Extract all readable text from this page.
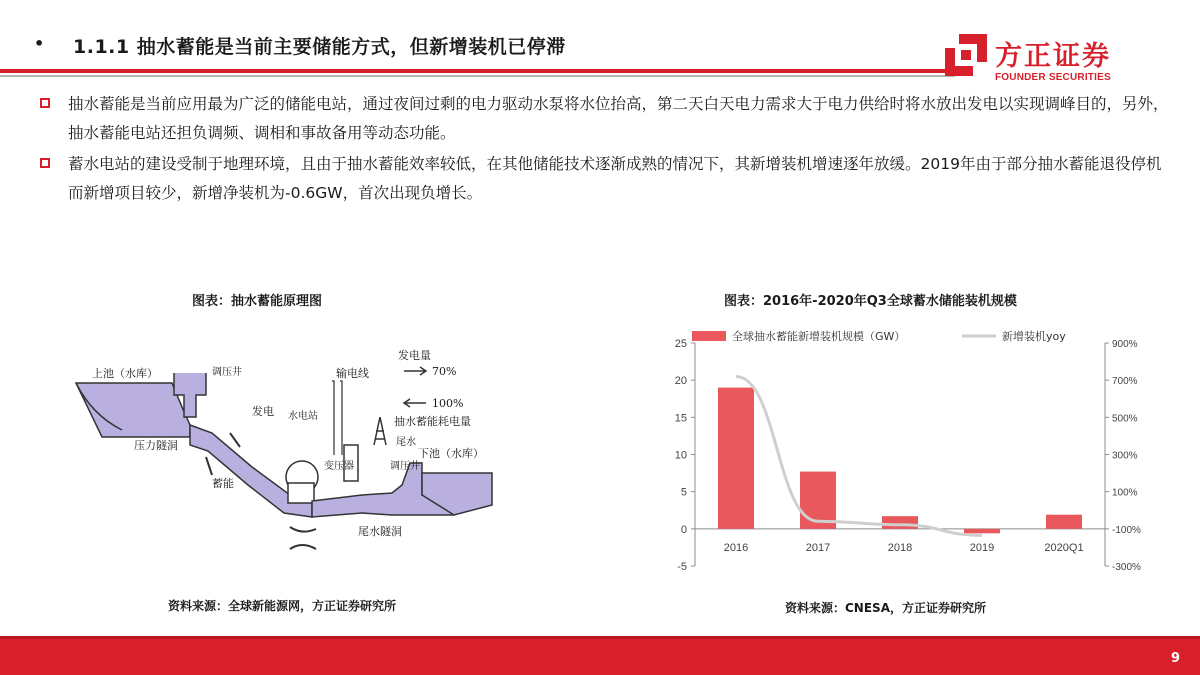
• 1.1.1 抽水蓄能是当前主要储能方式，但新增装机已停滞	方正证券
FOUNDER SECURITIES
抽水蓄能是当前应用最为广泛的储能电站，通过夜间过剩的电力驱动水泵将水位抬高，第二天白天电力需求大于电力供给时将水放出发电以实现调峰目的，另外，抽水蓄能电站还担负调频、调相和事故备用等动态功能。
蓄水电站的建设受制于地理环境，且由于抽水蓄能效率较低，在其他储能技术逐渐成熟的情况下，其新增装机增速逐年放缓。2019年由于部分抽水蓄能退役停机而新增项目较少，新增净装机为-0.6GW，首次出现负增长。
图表：抽水蓄能原理图
上池（水库）	调压井
发电
压力隧洞
蓄能
水电站
输电线
发电量
70%
100%
抽水蓄能耗电量
变压器
尾水
调压井
下池（水库）
尾水隧洞
资料来源：全球新能源网，方正证券研究所
图表：2016年-2020年Q3全球蓄水储能装机规模
-5
0
5
10
15
20
25	900%
700%
500%
300%
100%
-100%
-300%
2016	2017	2018	2019	2020Q1
全球抽水蓄能新增装机规模（GW）	新增装机yoy
资料来源：CNESA，方正证券研究所
9
